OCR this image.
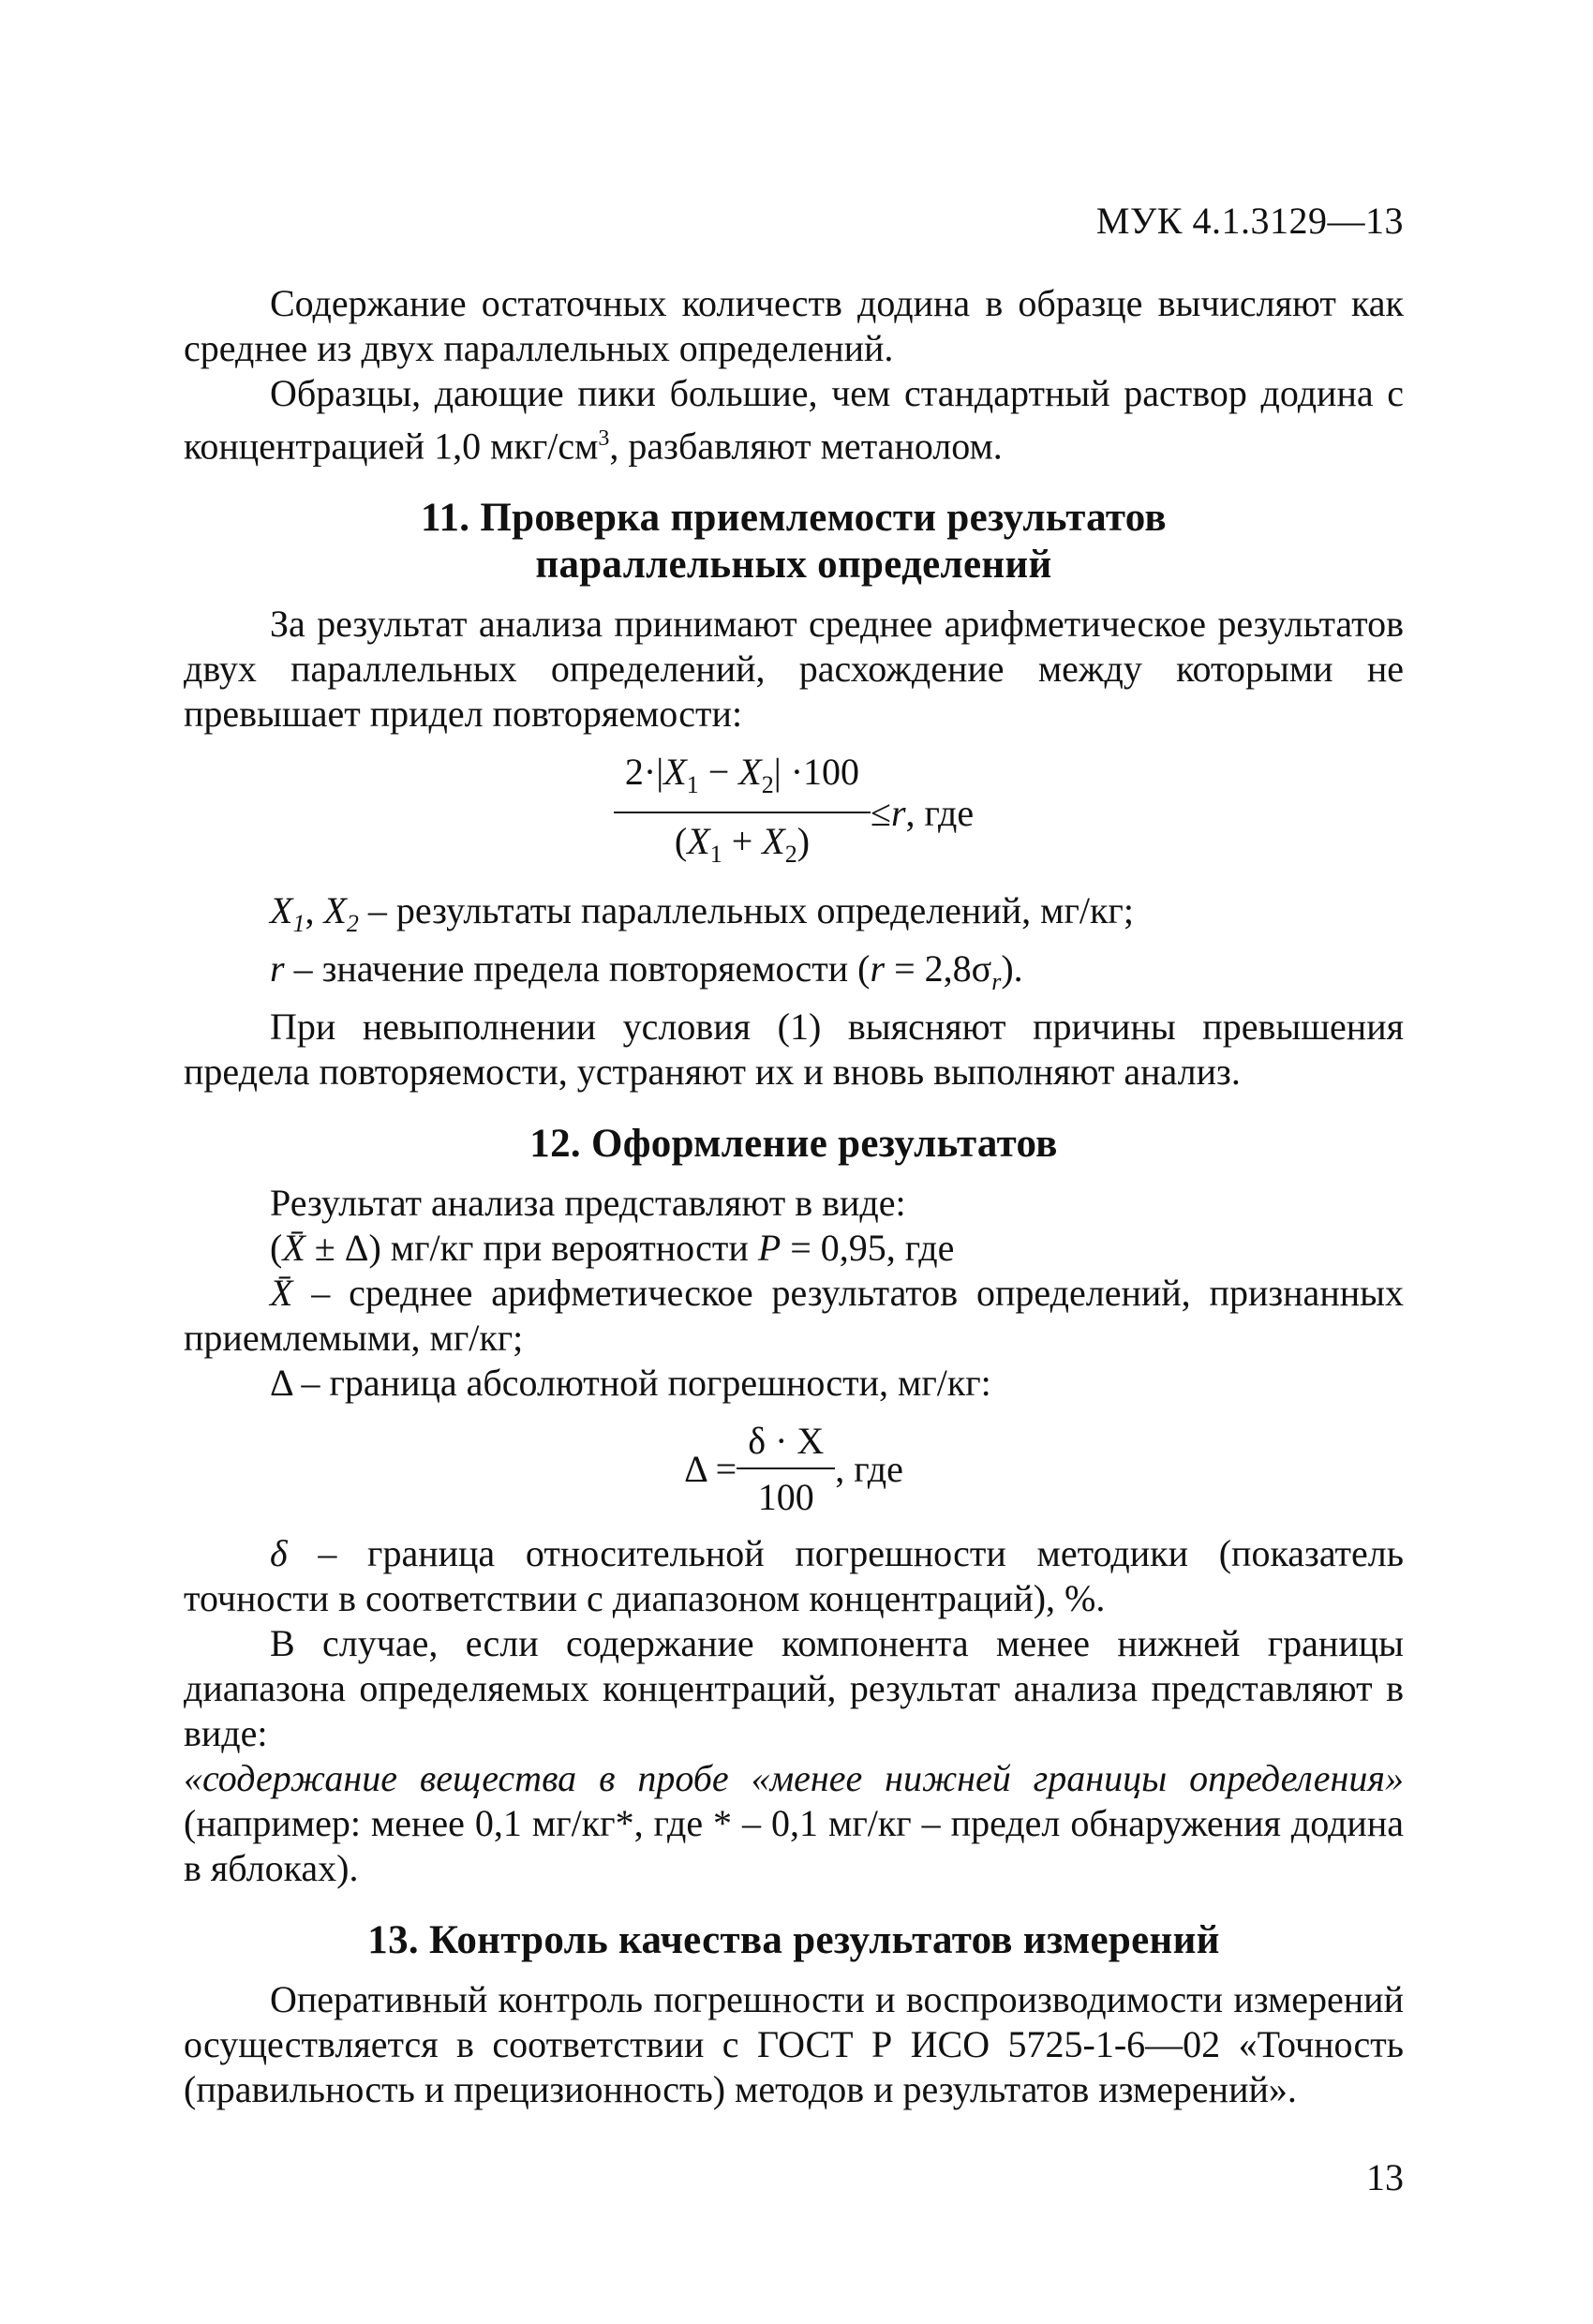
МУК 4.1.3129—13

Содержание остаточных количеств додина в образце вычисляют как среднее из двух параллельных определений.

Образцы, дающие пики большие, чем стандартный раствор додина с концентрацией 1,0 мкг/$см^3$, разбавляют метанолом.

11. Проверка приемлемости результатов
параллельных определений

За результат анализа принимают среднее арифметическое результатов двух параллельных определений, расхождение между которыми не превышает придел повторяемости:

$\frac{2\cdot|X_1 - X_2| \cdot 100}{(X_1 + X_2)} \le r$ , где

$X_1$, $X_2$ – результаты параллельных определений, мг/кг;

r – значение предела повторяемости $(r = 2,8\sigma_r)$.

При невыполнении условия (1) выясняют причины превышения предела повторяемости, устраняют их и вновь выполняют анализ.

12. Оформление результатов

Результат анализа представляют в виде:

(X̄ ± Δ) мг/кг при вероятности P = 0,95, где

X̄ – среднее арифметическое результатов определений, признанных приемлемыми, мг/кг;

Δ – граница абсолютной погрешности, мг/кг:

$\Delta = \frac{\delta \cdot X}{100}$ , где

δ – граница относительной погрешности методики (показатель точности в соответствии с диапазоном концентраций), %.

В случае, если содержание компонента менее нижней границы диапазона определяемых концентраций, результат анализа представляют в виде:

«содержание вещества в пробе «менее нижней границы определения» (например: менее 0,1 мг/кг*, где * – 0,1 мг/кг – предел обнаружения додина в яблоках).

13. Контроль качества результатов измерений

Оперативный контроль погрешности и воспроизводимости измерений осуществляется в соответствии с ГОСТ Р ИСО 5725-1-6—02 «Точность (правильность и прецизионность) методов и результатов измерений».

13
